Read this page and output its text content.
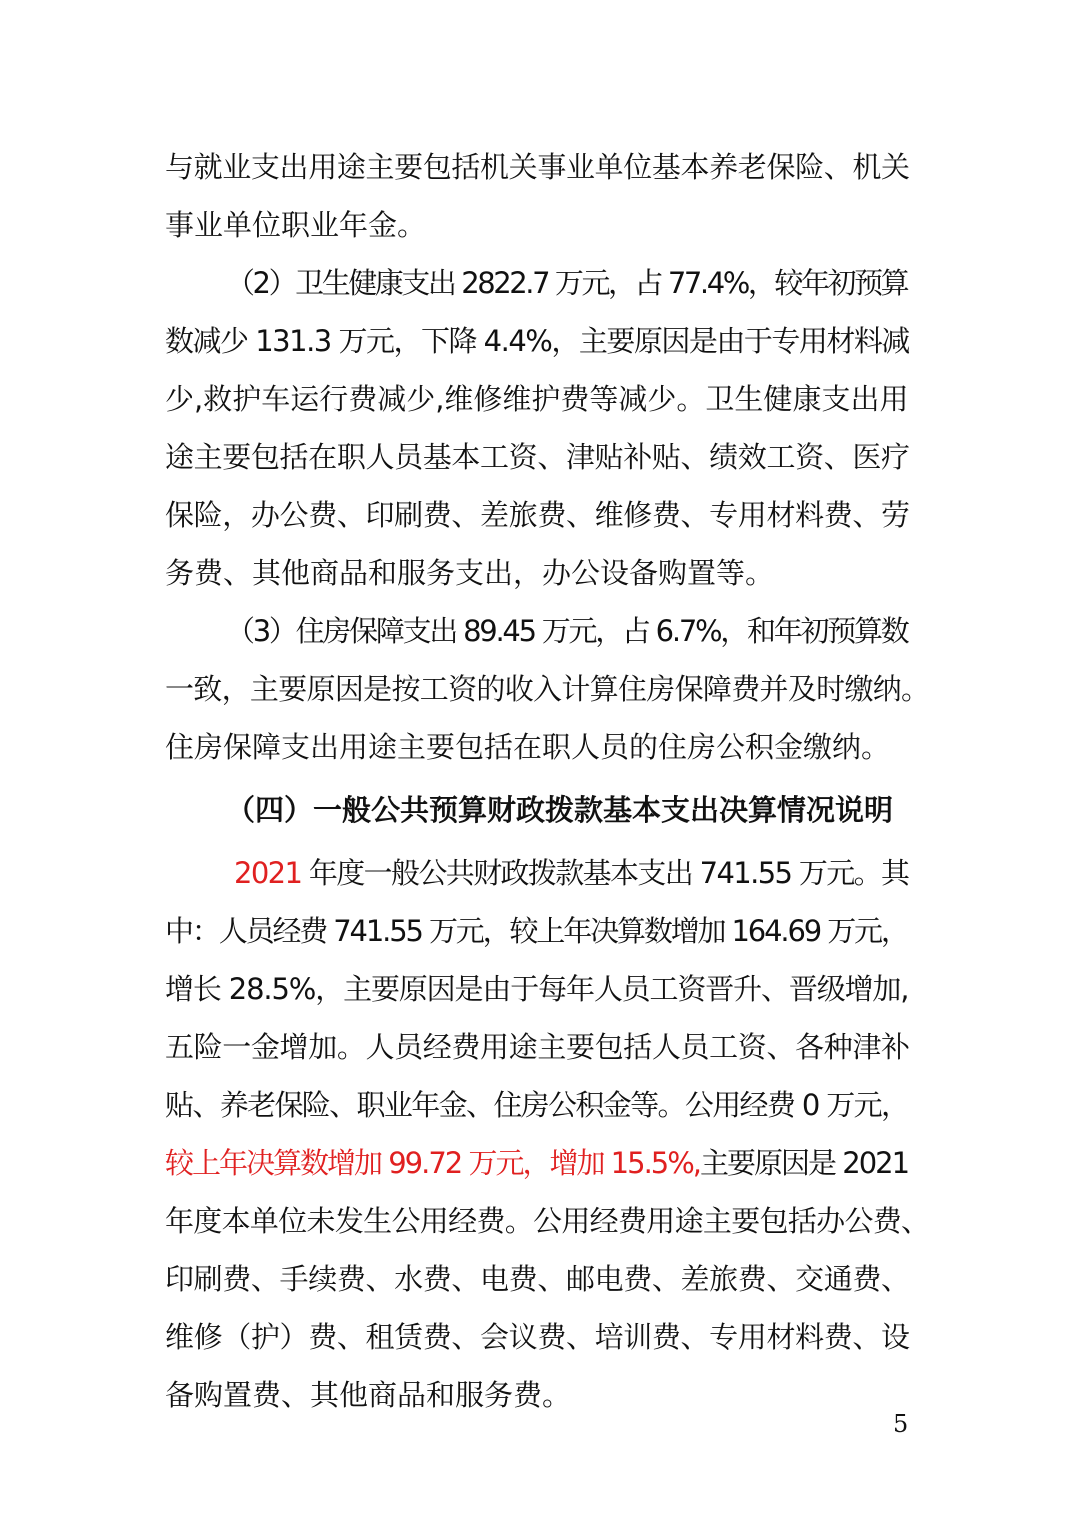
与就业支出用途主要包括机关事业单位基本养老保险、机关
事业单位职业年金。
（2）卫生健康支出 2822.7 万元，占 77.4%，较年初预算
数减少 131.3 万元，下降 4.4%，主要原因是由于专用材料减
少,救护车运行费减少,维修维护费等减少。卫生健康支出用
途主要包括在职人员基本工资、津贴补贴、绩效工资、医疗
保险，办公费、印刷费、差旅费、维修费、专用材料费、劳
务费、其他商品和服务支出，办公设备购置等。
（3）住房保障支出 89.45 万元，占 6.7%，和年初预算数
一致，主要原因是按工资的收入计算住房保障费并及时缴纳。
住房保障支出用途主要包括在职人员的住房公积金缴纳。
（四）一般公共预算财政拨款基本支出决算情况说明
2021 年度一般公共财政拨款基本支出 741.55 万元。其
中：人员经费 741.55 万元，较上年决算数增加 164.69 万元，
增长 28.5%，主要原因是由于每年人员工资晋升、晋级增加,
五险一金增加。人员经费用途主要包括人员工资、各种津补
贴、养老保险、职业年金、住房公积金等。公用经费 0 万元，
较上年决算数增加 99.72 万元，增加 15.5%,主要原因是 2021
年度本单位未发生公用经费。公用经费用途主要包括办公费、
印刷费、手续费、水费、电费、邮电费、差旅费、交通费、
维修（护）费、租赁费、会议费、培训费、专用材料费、设
备购置费、其他商品和服务费。
5
